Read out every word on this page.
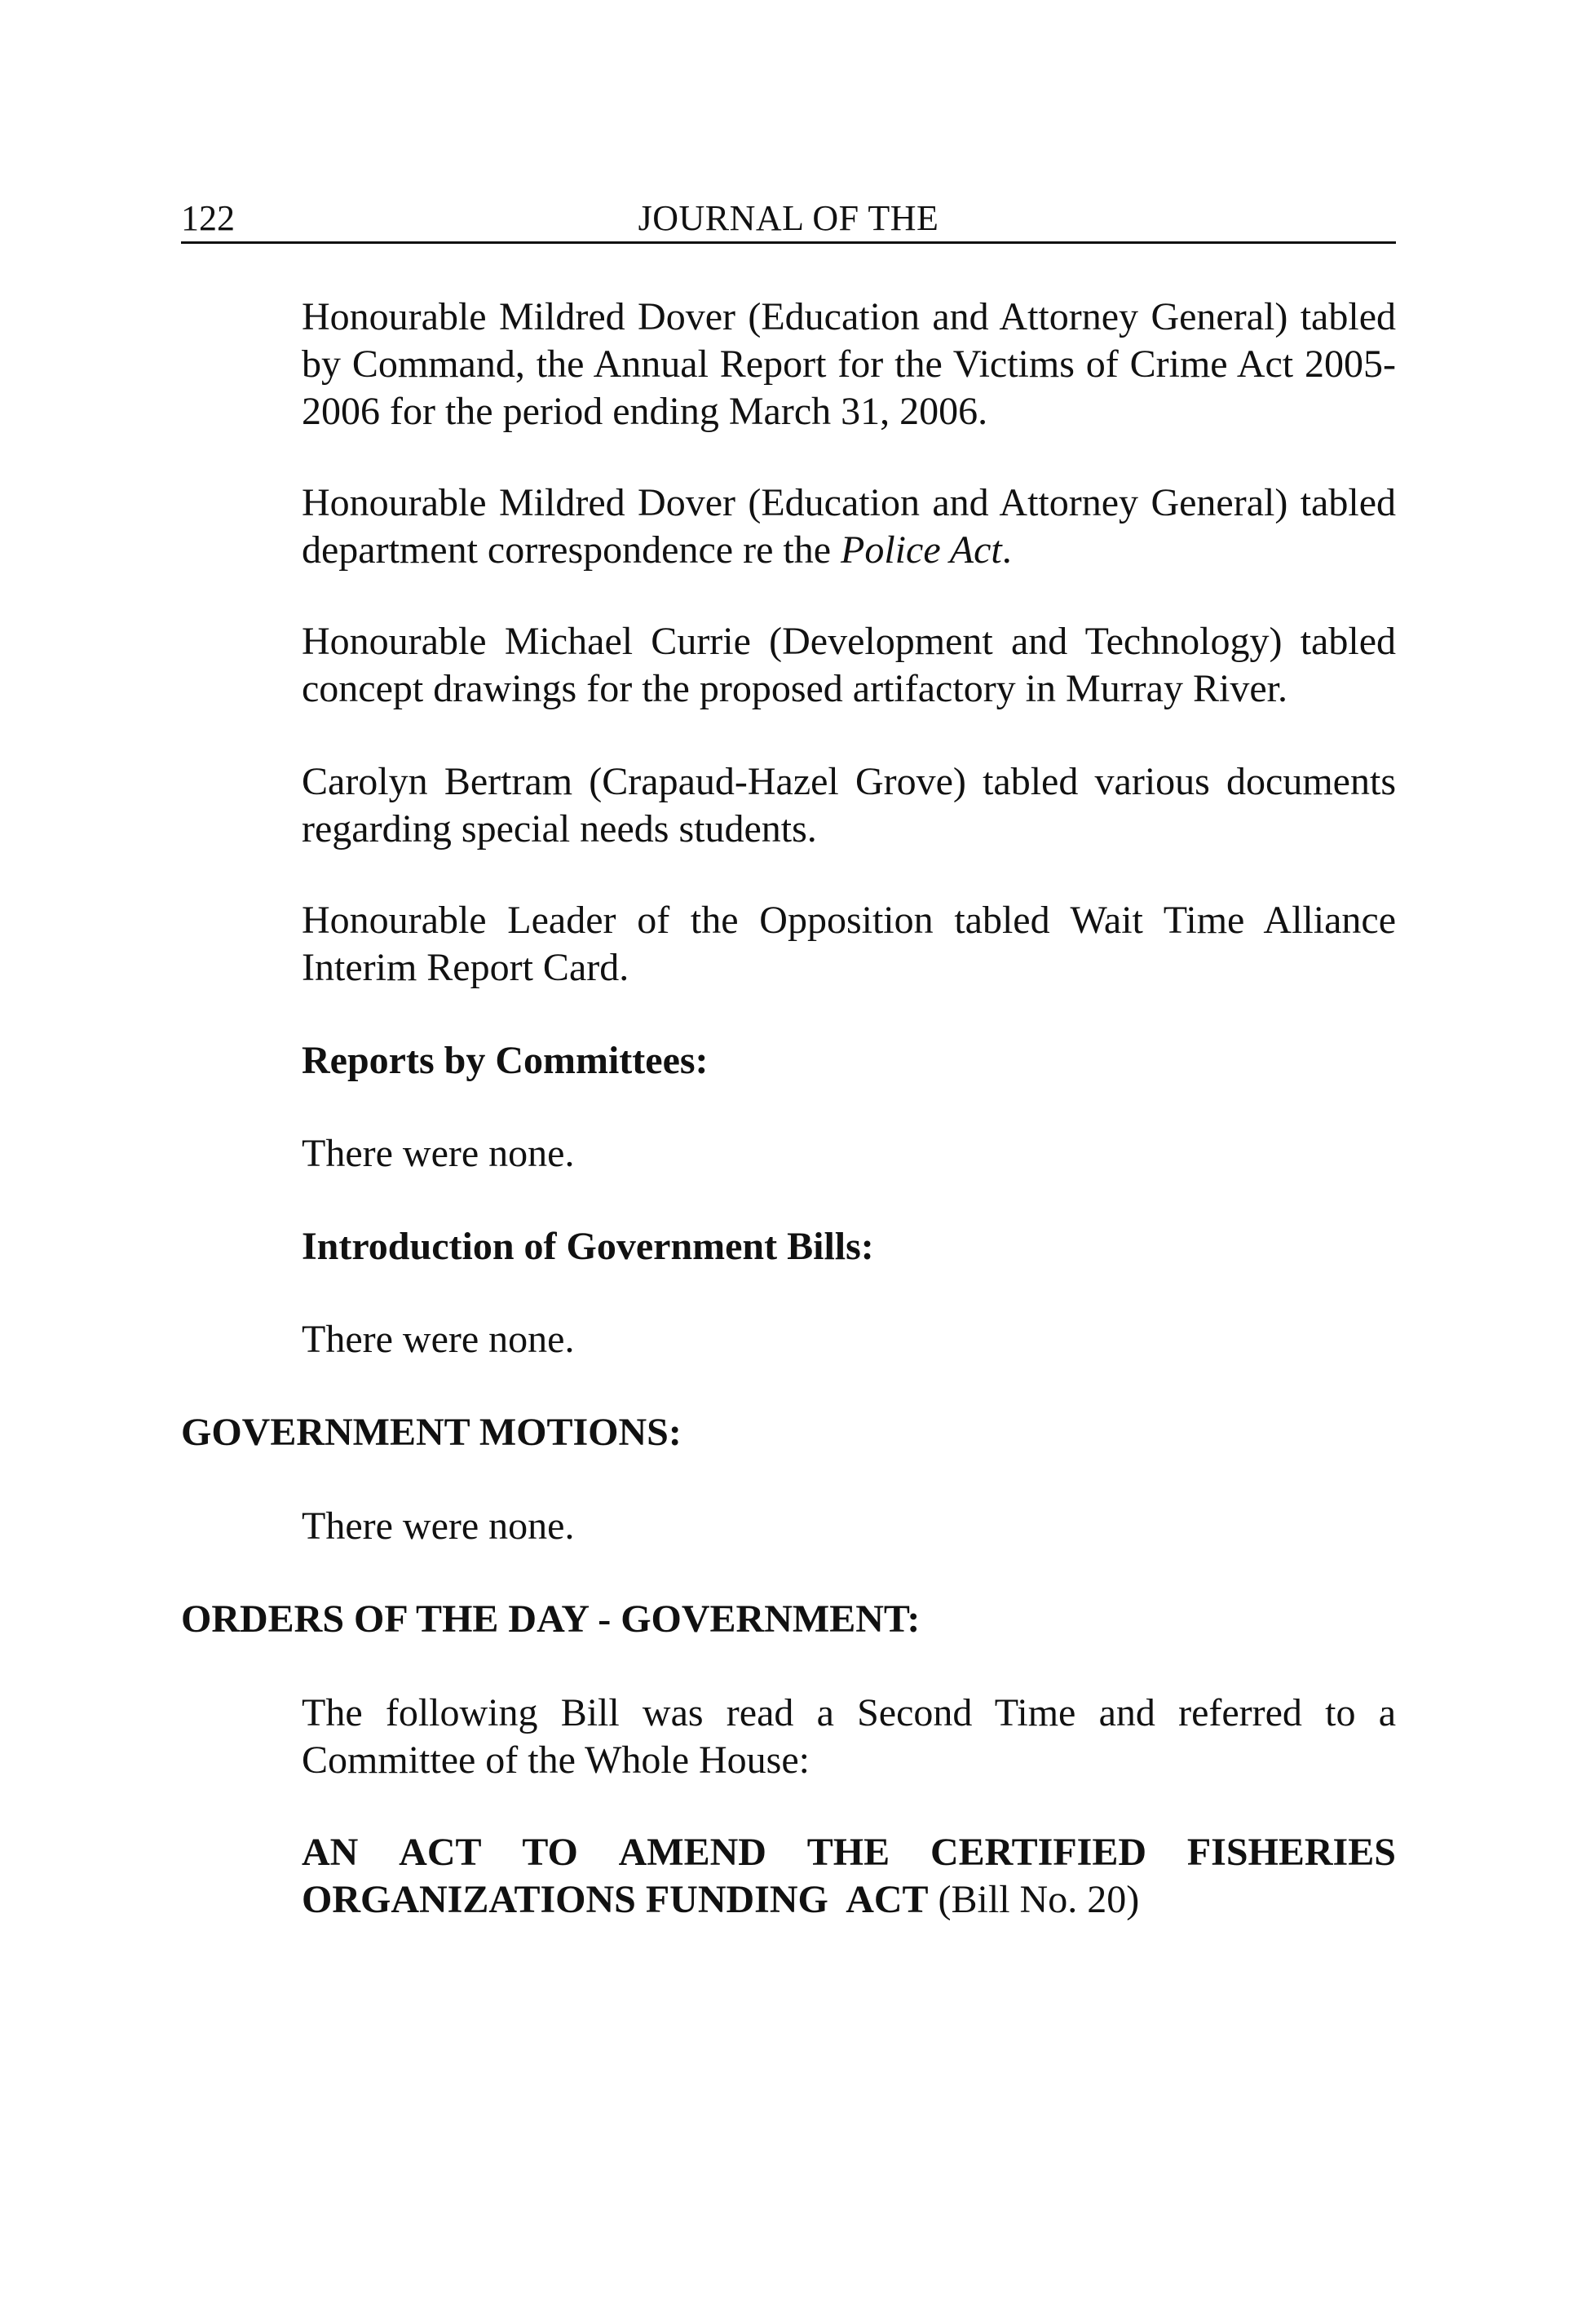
122	JOURNAL OF THE

Honourable Mildred Dover (Education and Attorney General) tabled by Command, the Annual Report for the Victims of Crime Act 2005-2006 for the period ending March 31, 2006.

Honourable Mildred Dover (Education and Attorney General) tabled department correspondence re the Police Act.

Honourable Michael Currie (Development and Technology) tabled concept drawings for the proposed artifactory in Murray River.

Carolyn Bertram (Crapaud-Hazel Grove) tabled various documents regarding special needs students.

Honourable Leader of the Opposition tabled Wait Time Alliance Interim Report Card.

Reports by Committees:

There were none.

Introduction of Government Bills:

There were none.

GOVERNMENT MOTIONS:

There were none.

ORDERS OF THE DAY - GOVERNMENT:

The following Bill was read a Second Time and referred to a Committee of the Whole House:

AN ACT TO AMEND THE CERTIFIED FISHERIES
ORGANIZATIONS FUNDING  ACT (Bill No. 20)
